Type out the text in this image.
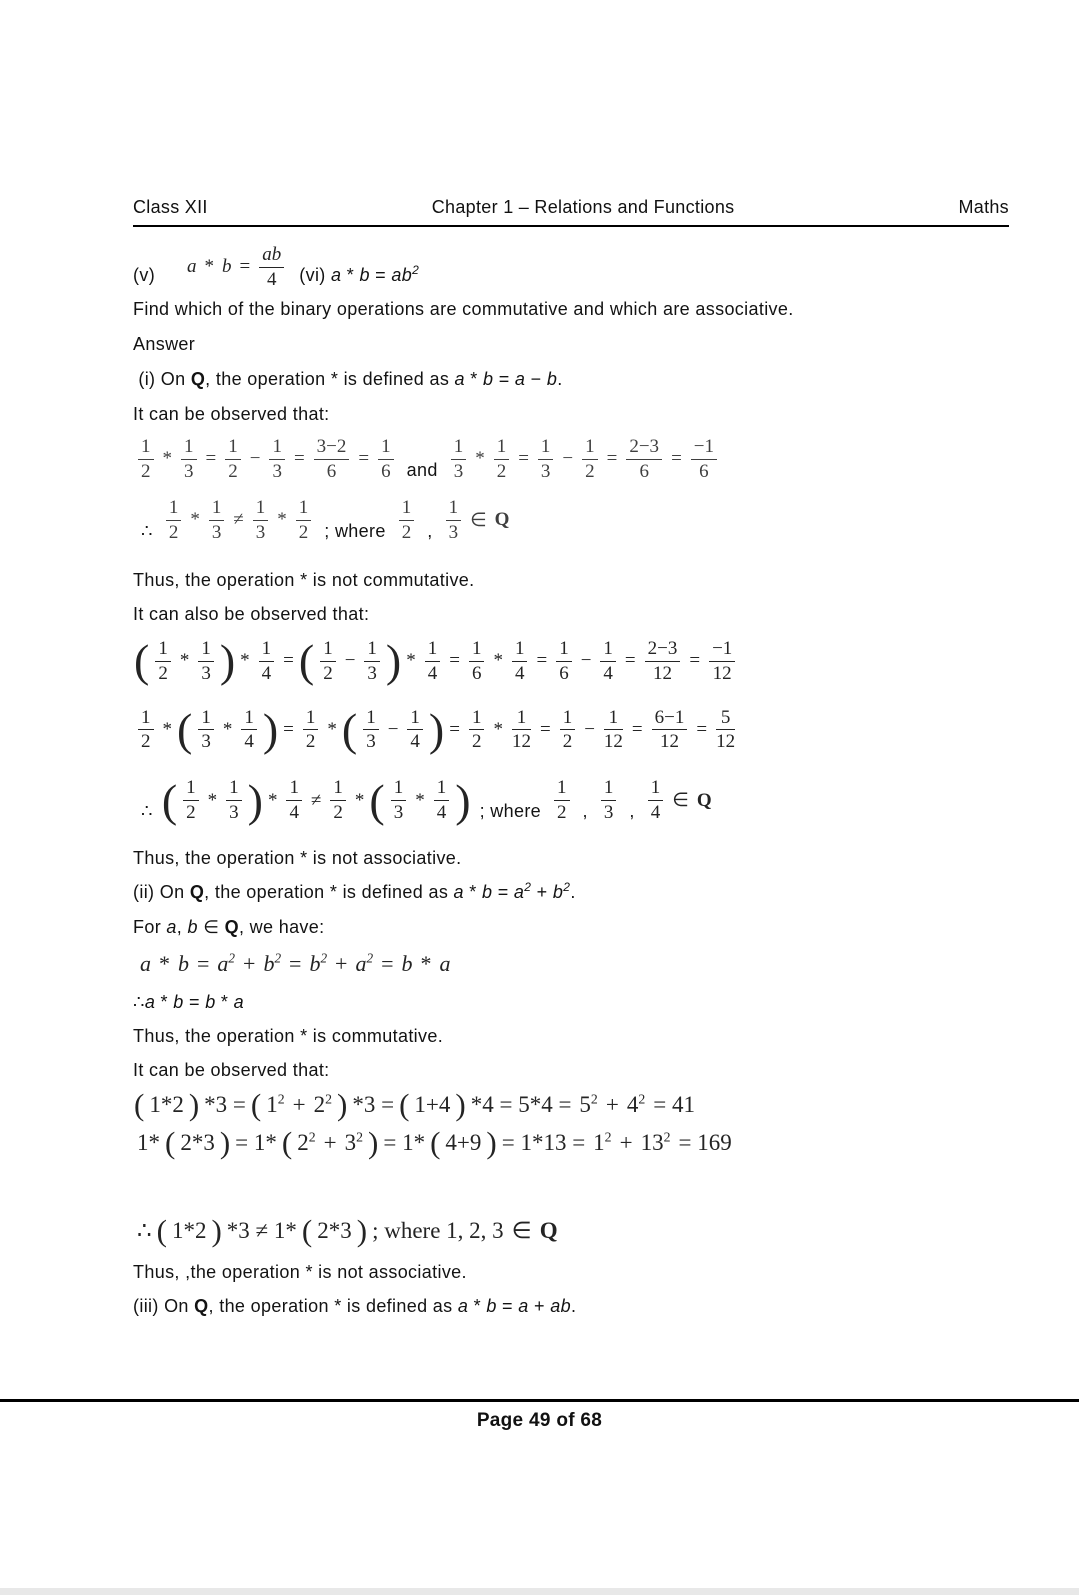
Class XII	Chapter 1 – Relations and Functions	Maths
(v) $a * b = \frac{ab}{4} (vi)$ $a * b = ab^2$
Find which of the binary operations are commutative and which are associative.
Answer
(i) On Q, the operation * is defined as a * b = a − b.
It can be observed that:
$\frac{1}{2} * \frac{1}{3} = \frac{1}{2} - \frac{1}{3} = \frac{3-2}{6} = \frac{1}{6}$ and $\frac{1}{3} * \frac{1}{2} = \frac{1}{3} - \frac{1}{2} = \frac{2-3}{6} = \frac{-1}{6}$
∴ $\frac{1}{2} * \frac{1}{3} \ne \frac{1}{3} * \frac{1}{2}$ ; where $\frac{1}{2}$ , $\frac{1}{3}$ ∈ Q
Thus, the operation * is not commutative.
It can also be observed that:
( $\frac{1}{2} * \frac{1}{3}$ ) * $\frac{1}{4}$ = ( $\frac{1}{2} - \frac{1}{3}$ ) * $\frac{1}{4} = \frac{1}{6} * \frac{1}{4} = \frac{1}{6} - \frac{1}{4} = \frac{2-3}{12} = \frac{-1}{12}$
$\frac{1}{2}$ * ( $\frac{1}{3} * \frac{1}{4}$ ) = $\frac{1}{2}$ * ( $\frac{1}{3} - \frac{1}{4}$ ) = $\frac{1}{2} * \frac{1}{12} = \frac{1}{2} - \frac{1}{12} = \frac{6-1}{12} = \frac{5}{12}$
∴ ( $\frac{1}{2} * \frac{1}{3}$ ) * $\frac{1}{4} \ne \frac{1}{2}$ * ( $\frac{1}{3} * \frac{1}{4}$ ) ; where $\frac{1}{2}$ , $\frac{1}{3}$ , $\frac{1}{4}$ ∈ Q
Thus, the operation * is not associative.
(ii) On Q, the operation * is defined as $a * b = a^2 + b^2$.
For a, b ∈ Q, we have:
$a * b = a^2 + b^2 = b^2 + a^2 = b * a$
∴a * b = b * a
Thus, the operation * is commutative.
It can be observed that:
( 1*2 ) *3 = ( $1^2 + 2^2$ ) *3 = ( 1+4 ) $*4 = 5*4 = 5^2 + 4^2 = 41$
1* ( 2*3 ) = 1* ( $2^2 + 3^2$ ) = 1* ( 4+9 ) = $1*13 = 1^2 + 13^2 = 169$
∴ ( 1*2 ) *3 ≠ 1* ( 2*3 ) ; where 1, 2, 3 ∈ Q
Thus, ,the operation * is not associative.
(iii) On Q, the operation * is defined as a * b = a + ab.
Page 49 of 68
